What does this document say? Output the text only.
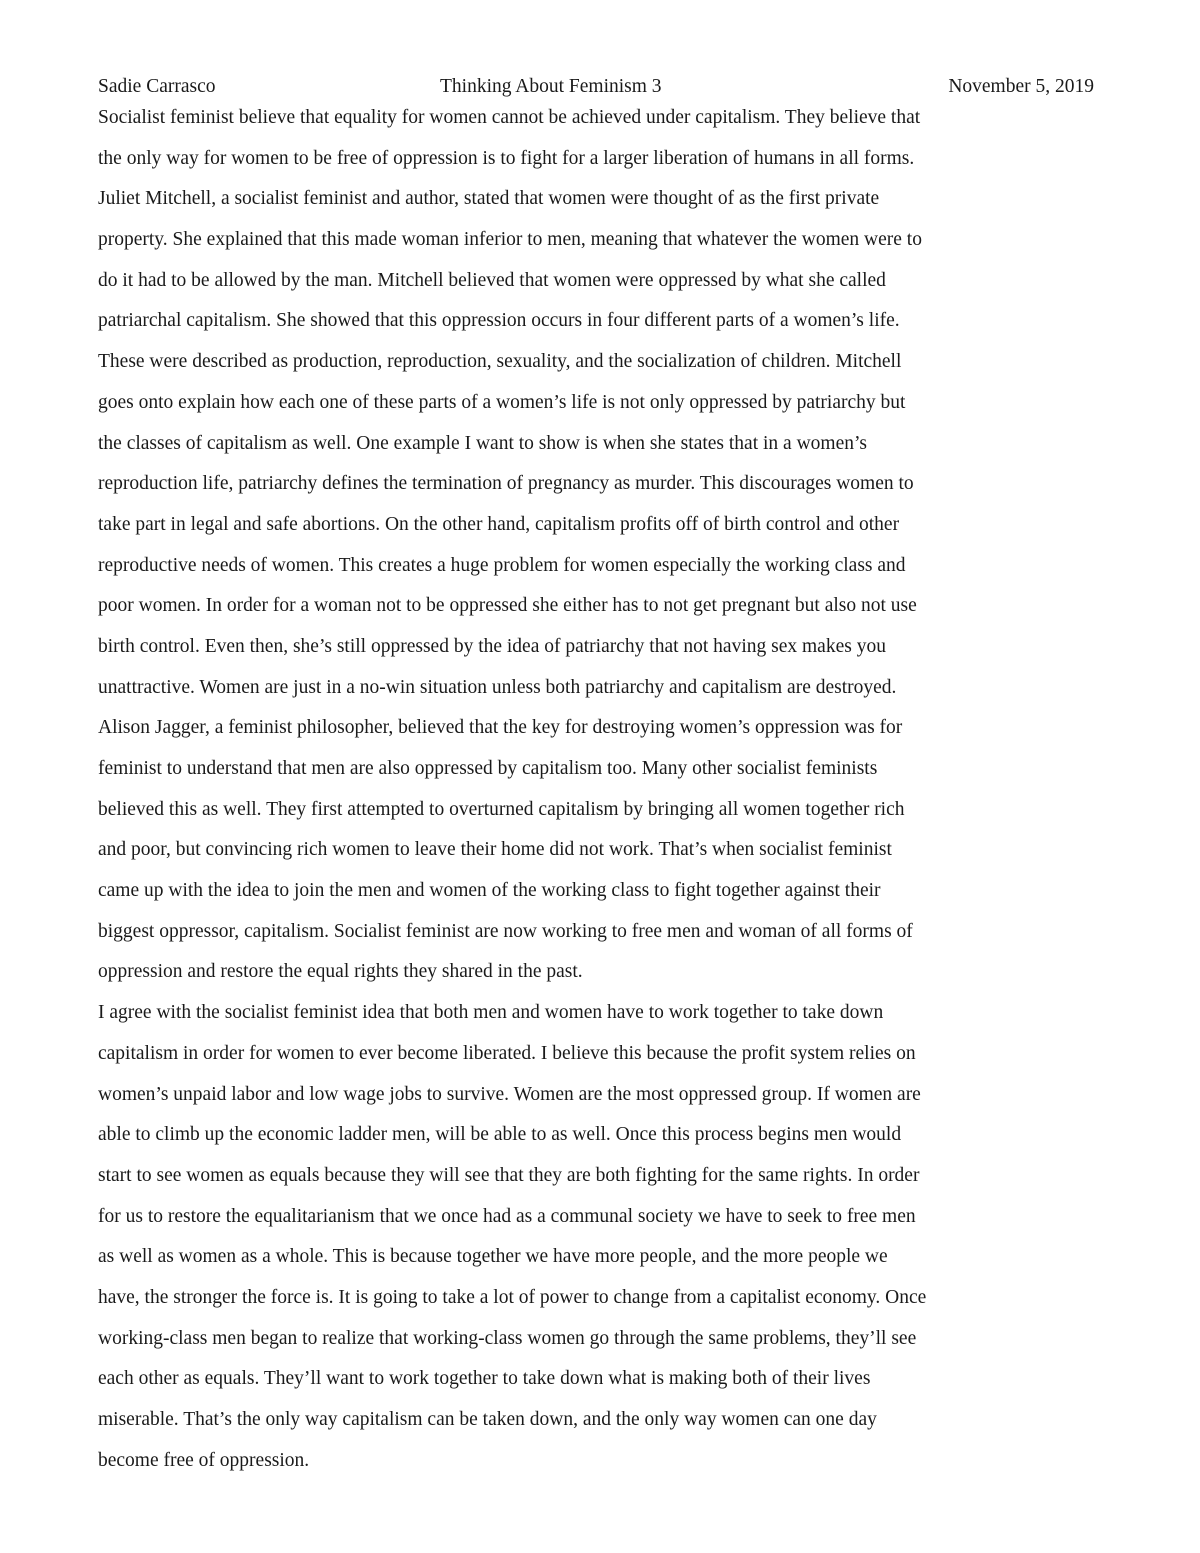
Sadie Carrasco	Thinking About Feminism 3	November 5, 2019
Socialist feminist believe that equality for women cannot be achieved under capitalism. They believe that
the only way for women to be free of oppression is to fight for a larger liberation of humans in all forms.
Juliet Mitchell, a socialist feminist and author, stated that women were thought of as the first private
property. She explained that this made woman inferior to men, meaning that whatever the women were to
do it had to be allowed by the man. Mitchell believed that women were oppressed by what she called
patriarchal capitalism. She showed that this oppression occurs in four different parts of a women’s life.
These were described as production, reproduction, sexuality, and the socialization of children. Mitchell
goes onto explain how each one of these parts of a women’s life is not only oppressed by patriarchy but
the classes of capitalism as well. One example I want to show is when she states that in a women’s
reproduction life, patriarchy defines the termination of pregnancy as murder. This discourages women to
take part in legal and safe abortions. On the other hand, capitalism profits off of birth control and other
reproductive needs of women. This creates a huge problem for women especially the working class and
poor women. In order for a woman not to be oppressed she either has to not get pregnant but also not use
birth control. Even then, she’s still oppressed by the idea of patriarchy that not having sex makes you
unattractive. Women are just in a no-win situation unless both patriarchy and capitalism are destroyed.
Alison Jagger, a feminist philosopher, believed that the key for destroying women’s oppression was for
feminist to understand that men are also oppressed by capitalism too. Many other socialist feminists
believed this as well. They first attempted to overturned capitalism by bringing all women together rich
and poor, but convincing rich women to leave their home did not work. That’s when socialist feminist
came up with the idea to join the men and women of the working class to fight together against their
biggest oppressor, capitalism. Socialist feminist are now working to free men and woman of all forms of
oppression and restore the equal rights they shared in the past.
I agree with the socialist feminist idea that both men and women have to work together to take down
capitalism in order for women to ever become liberated. I believe this because the profit system relies on
women’s unpaid labor and low wage jobs to survive. Women are the most oppressed group. If women are
able to climb up the economic ladder men, will be able to as well. Once this process begins men would
start to see women as equals because they will see that they are both fighting for the same rights. In order
for us to restore the equalitarianism that we once had as a communal society we have to seek to free men
as well as women as a whole. This is because together we have more people, and the more people we
have, the stronger the force is. It is going to take a lot of power to change from a capitalist economy. Once
working-class men began to realize that working-class women go through the same problems, they’ll see
each other as equals. They’ll want to work together to take down what is making both of their lives
miserable. That’s the only way capitalism can be taken down, and the only way women can one day
become free of oppression.
